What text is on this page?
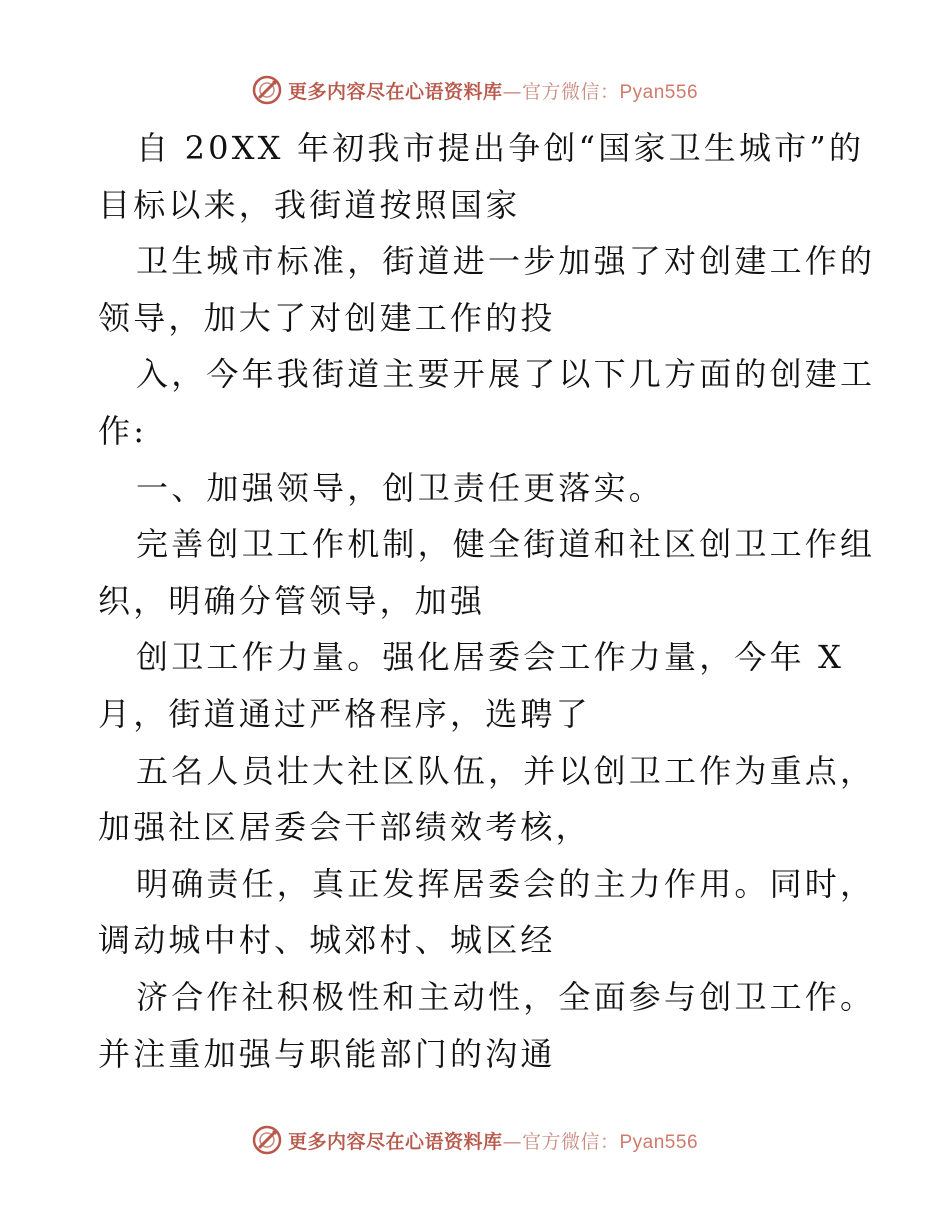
更多内容尽在心语资料库—官方微信：Pyan556
自 20XX 年初我市提出争创“国家卫生城市”的
目标以来，我街道按照国家
卫生城市标准，街道进一步加强了对创建工作的
领导，加大了对创建工作的投
入，今年我街道主要开展了以下几方面的创建工
作:
一、加强领导，创卫责任更落实。
完善创卫工作机制，健全街道和社区创卫工作组
织，明确分管领导，加强
创卫工作力量。强化居委会工作力量，今年 X
月，街道通过严格程序，选聘了
五名人员壮大社区队伍，并以创卫工作为重点，
加强社区居委会干部绩效考核，
明确责任，真正发挥居委会的主力作用。同时，
调动城中村、城郊村、城区经
济合作社积极性和主动性，全面参与创卫工作。
并注重加强与职能部门的沟通
更多内容尽在心语资料库—官方微信：Pyan556
